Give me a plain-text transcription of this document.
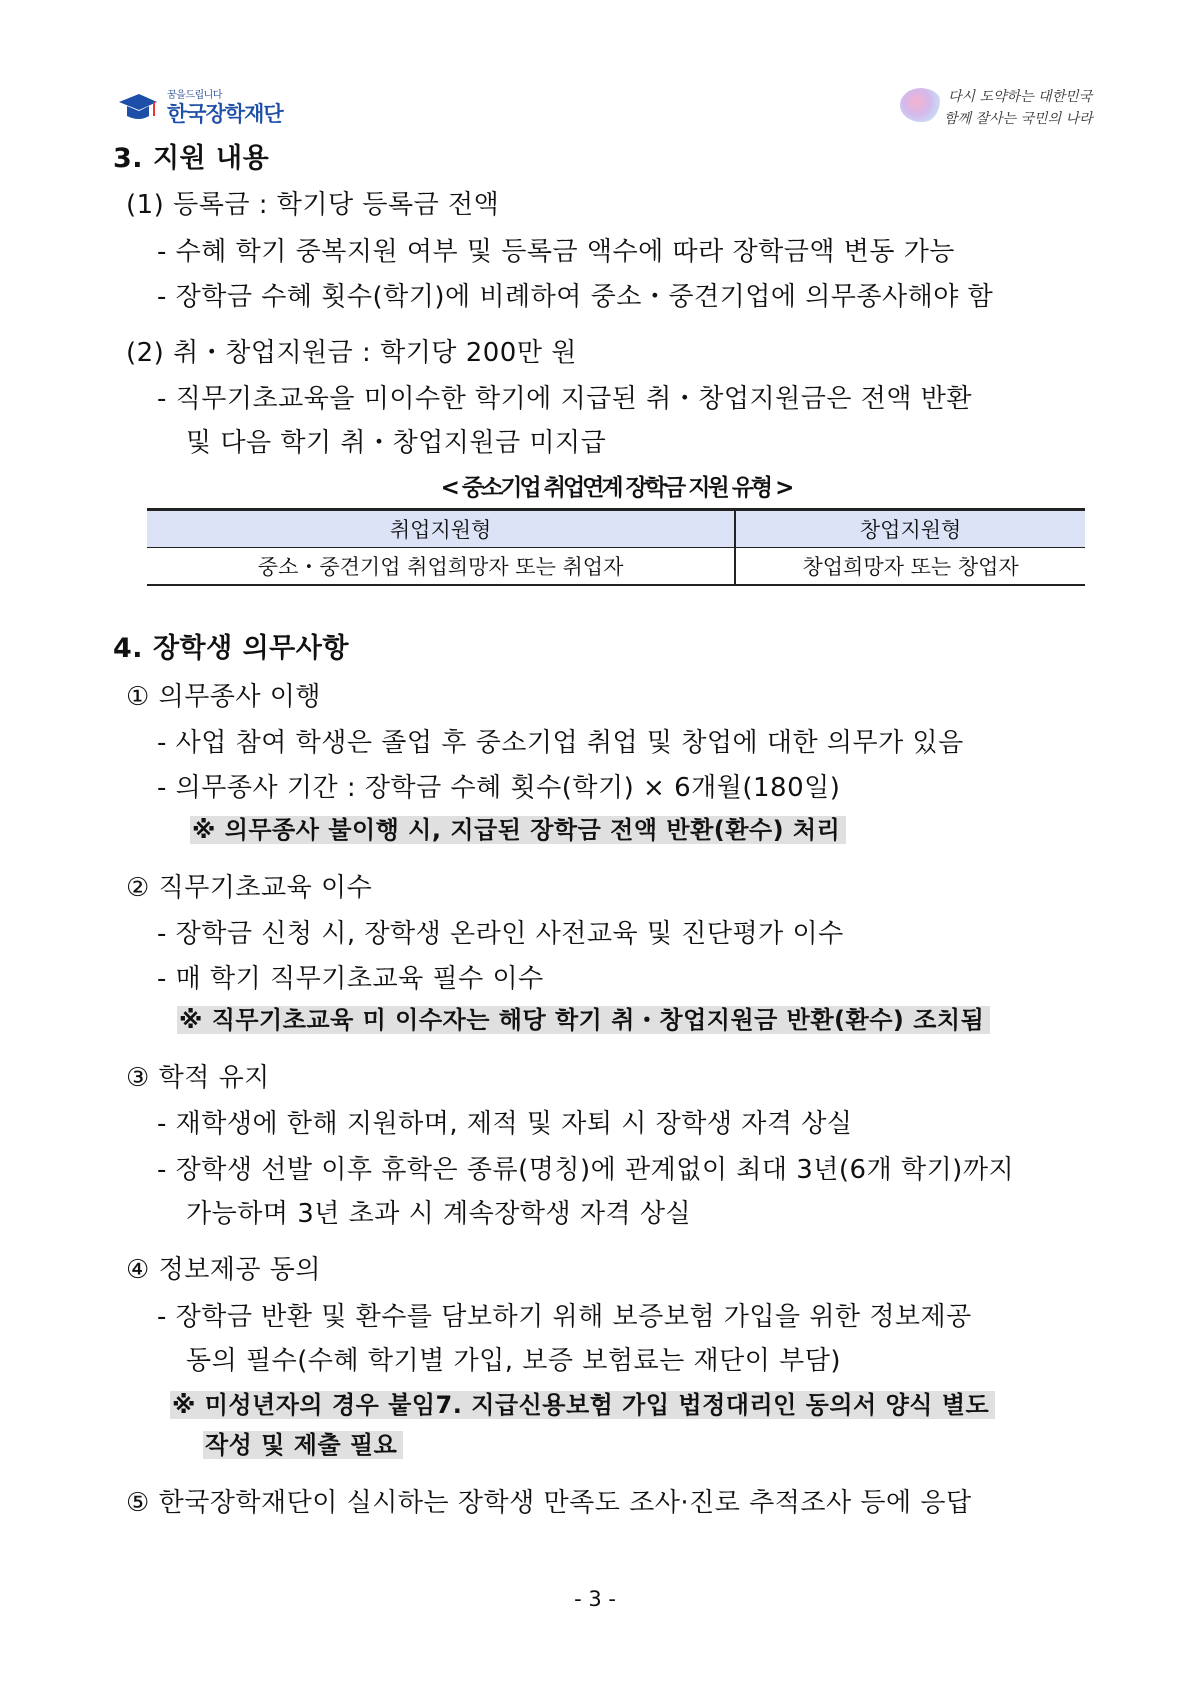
꿈을드립니다
한국장학재단
다시 도약하는 대한민국
함께 잘사는 국민의 나라
3. 지원 내용
(1) 등록금 : 학기당 등록금 전액
- 수혜 학기 중복지원 여부 및 등록금 액수에 따라 장학금액 변동 가능
- 장학금 수혜 횟수(학기)에 비례하여 중소・중견기업에 의무종사해야 함
(2) 취・창업지원금 : 학기당 200만 원
- 직무기초교육을 미이수한 학기에 지급된 취・창업지원금은 전액 반환
및 다음 학기 취・창업지원금 미지급
< 중소기업 취업연계 장학금 지원 유형 >
취업지원형	창업지원형
중소・중견기업 취업희망자 또는 취업자	창업희망자 또는 창업자
4. 장학생 의무사항
① 의무종사 이행
- 사업 참여 학생은 졸업 후 중소기업 취업 및 창업에 대한 의무가 있음
- 의무종사 기간 : 장학금 수혜 횟수(학기) × 6개월(180일)
※ 의무종사 불이행 시, 지급된 장학금 전액 반환(환수) 처리
② 직무기초교육 이수
- 장학금 신청 시, 장학생 온라인 사전교육 및 진단평가 이수
- 매 학기 직무기초교육 필수 이수
※ 직무기초교육 미 이수자는 해당 학기 취・창업지원금 반환(환수) 조치됨
③ 학적 유지
- 재학생에 한해 지원하며, 제적 및 자퇴 시 장학생 자격 상실
- 장학생 선발 이후 휴학은 종류(명칭)에 관계없이 최대 3년(6개 학기)까지
가능하며 3년 초과 시 계속장학생 자격 상실
④ 정보제공 동의
- 장학금 반환 및 환수를 담보하기 위해 보증보험 가입을 위한 정보제공
동의 필수(수혜 학기별 가입, 보증 보험료는 재단이 부담)
※ 미성년자의 경우 붙임7. 지급신용보험 가입 법정대리인 동의서 양식 별도
작성 및 제출 필요
⑤ 한국장학재단이 실시하는 장학생 만족도 조사·진로 추적조사 등에 응답
- 3 -
